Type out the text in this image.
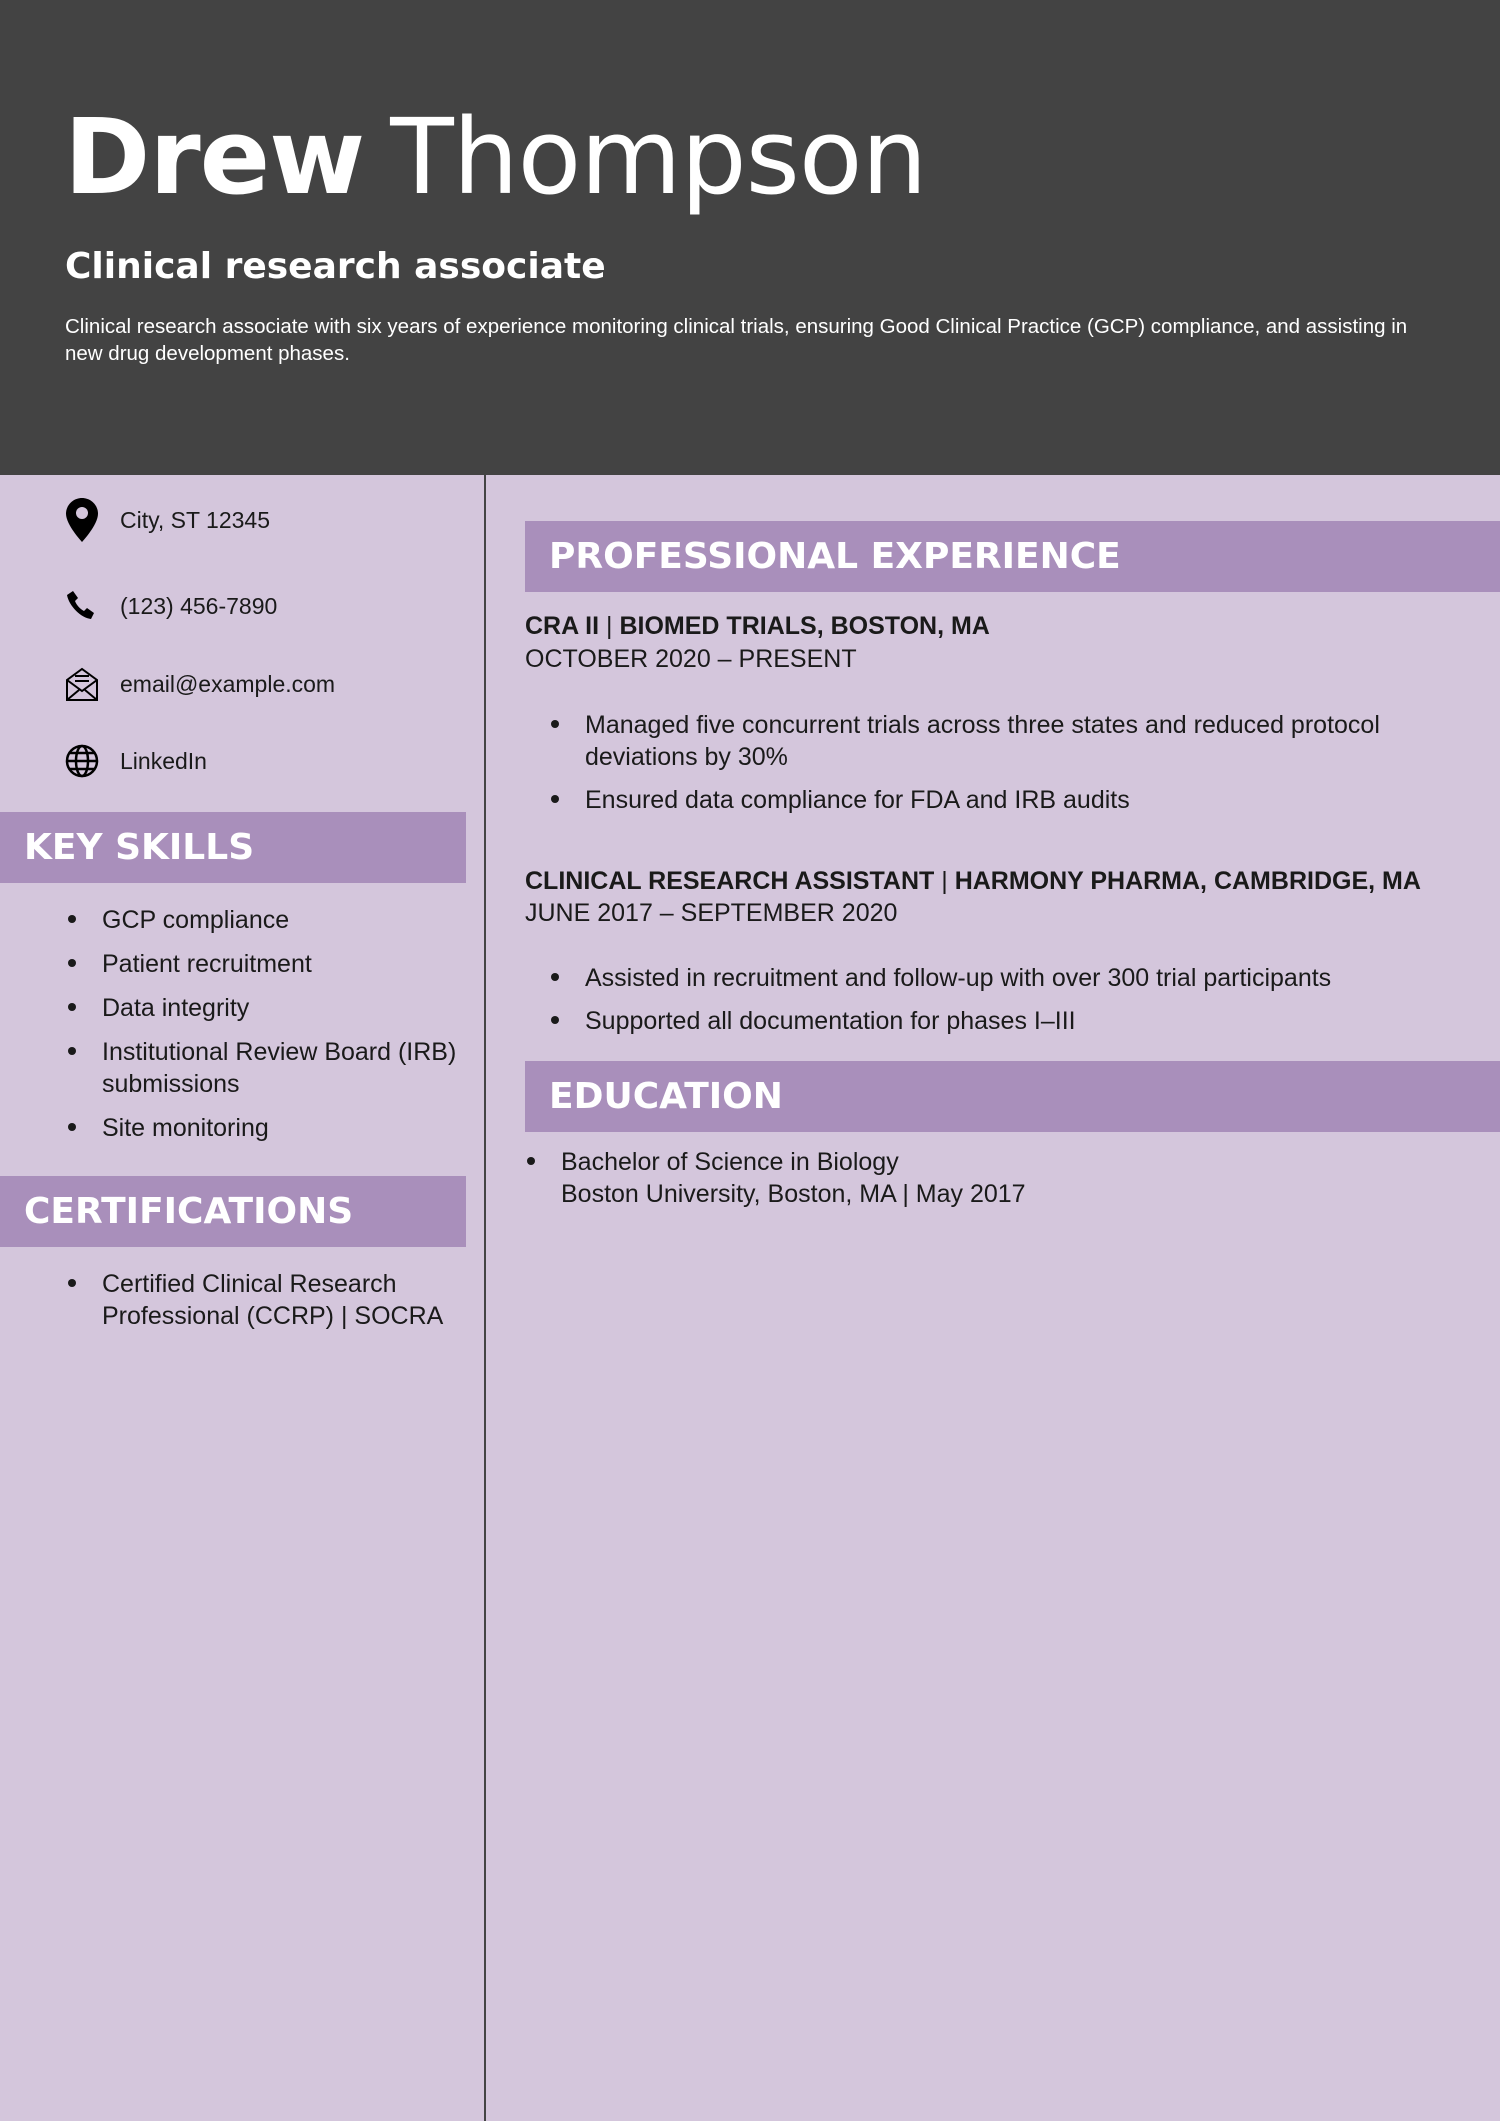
Drew Thompson
Clinical research associate
Clinical research associate with six years of experience monitoring clinical trials, ensuring Good Clinical Practice (GCP) compliance, and assisting in new drug development phases.
City, ST 12345
(123) 456-7890
email@example.com
LinkedIn
KEY SKILLS
GCP compliance
Patient recruitment
Data integrity
Institutional Review Board (IRB) submissions
Site monitoring
CERTIFICATIONS
Certified Clinical Research Professional (CCRP) | SOCRA
PROFESSIONAL EXPERIENCE
CRA II | BIOMED TRIALS, BOSTON, MA
OCTOBER 2020 – PRESENT
Managed five concurrent trials across three states and reduced protocol deviations by 30%
Ensured data compliance for FDA and IRB audits
CLINICAL RESEARCH ASSISTANT | HARMONY PHARMA, CAMBRIDGE, MA
JUNE 2017 – SEPTEMBER 2020
Assisted in recruitment and follow-up with over 300 trial participants
Supported all documentation for phases I–III
EDUCATION
Bachelor of Science in Biology
Boston University, Boston, MA | May 2017
